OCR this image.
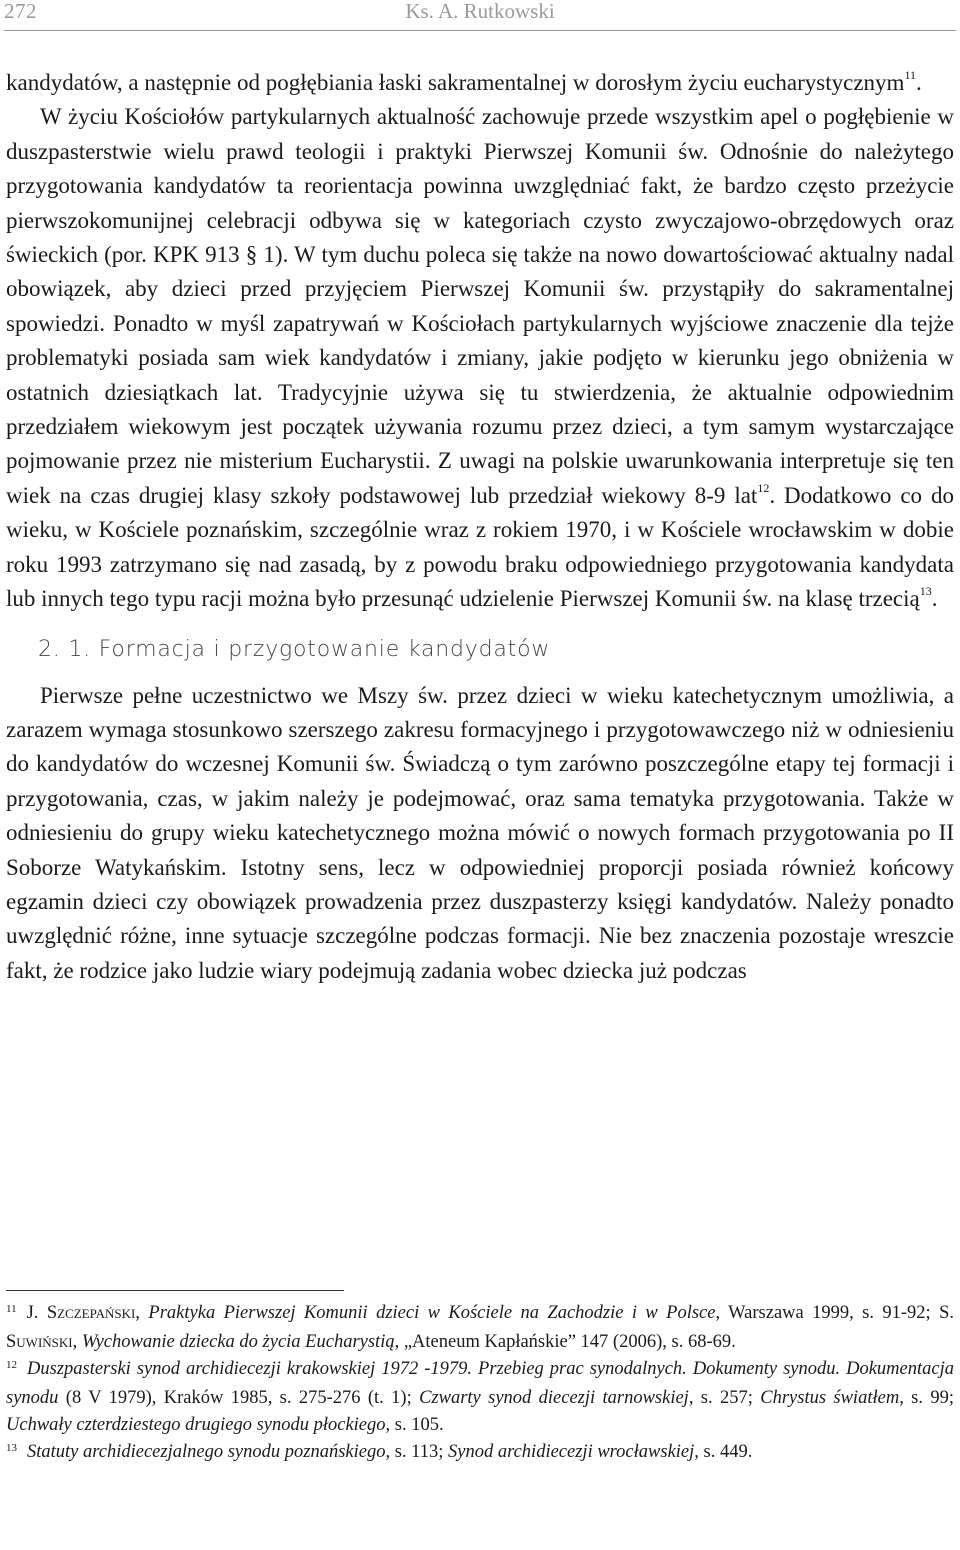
272	Ks. A. Rutkowski

kandydatów, a następnie od pogłębiania łaski sakramentalnej w dorosłym życiu eucharystycznym$^{11}$.

W życiu Kościołów partykularnych aktualność zachowuje przede wszystkim apel o pogłębienie w duszpasterstwie wielu prawd teologii i praktyki Pierwszej Komunii św. Odnośnie do należytego przygotowania kandydatów ta reorientacja powinna uwzględniać fakt, że bardzo często przeżycie pierwszokomunijnej celebracji odbywa się w kategoriach czysto zwyczajowo-obrzędowych oraz świeckich (por. KPK 913 § 1). W tym duchu poleca się także na nowo dowartościować aktualny nadal obowiązek, aby dzieci przed przyjęciem Pierwszej Komunii św. przystąpiły do sakramentalnej spowiedzi. Ponadto w myśl zapatrywań w Kościołach partykularnych wyjściowe znaczenie dla tejże problematyki posiada sam wiek kandydatów i zmiany, jakie podjęto w kierunku jego obniżenia w ostatnich dziesiątkach lat. Tradycyjnie używa się tu stwierdzenia, że aktualnie odpowiednim przedziałem wiekowym jest początek używania rozumu przez dzieci, a tym samym wystarczające pojmowanie przez nie misterium Eucharystii. Z uwagi na polskie uwarunkowania interpretuje się ten wiek na czas drugiej klasy szkoły podstawowej lub przedział wiekowy 8-9 lat$^{12}$. Dodatkowo co do wieku, w Kościele poznańskim, szczególnie wraz z rokiem 1970, i w Kościele wrocławskim w dobie roku 1993 zatrzymano się nad zasadą, by z powodu braku odpowiedniego przygotowania kandydata lub innych tego typu racji można było przesunąć udzielenie Pierwszej Komunii św. na klasę trzecią$^{13}$.

2. 1. Formacja i przygotowanie kandydatów

Pierwsze pełne uczestnictwo we Mszy św. przez dzieci w wieku katechetycznym umożliwia, a zarazem wymaga stosunkowo szerszego zakresu formacyjnego i przygotowawczego niż w odniesieniu do kandydatów do wczesnej Komunii św. Świadczą o tym zarówno poszczególne etapy tej formacji i przygotowania, czas, w jakim należy je podejmować, oraz sama tematyka przygotowania. Także w odniesieniu do grupy wieku katechetycznego można mówić o nowych formach przygotowania po II Soborze Watykańskim. Istotny sens, lecz w odpowiedniej proporcji posiada również końcowy egzamin dzieci czy obowiązek prowadzenia przez duszpasterzy księgi kandydatów. Należy ponadto uwzględnić różne, inne sytuacje szczególne podczas formacji. Nie bez znaczenia pozostaje wreszcie fakt, że rodzice jako ludzie wiary podejmują zadania wobec dziecka już podczas

$^{11}$ J. Szczepański, Praktyka Pierwszej Komunii dzieci w Kościele na Zachodzie i w Polsce, Warszawa 1999, s. 91-92; S. Suwiński, Wychowanie dziecka do życia Eucharystią, „Ateneum Kapłańskie” 147 (2006), s. 68-69.

$^{12}$ Duszpasterski synod archidiecezji krakowskiej 1972 -1979. Przebieg prac synodalnych. Dokumenty synodu. Dokumentacja synodu (8 V 1979), Kraków 1985, s. 275-276 (t. 1); Czwarty synod diecezji tarnowskiej, s. 257; Chrystus światłem, s. 99; Uchwały czterdziestego drugiego synodu płockiego, s. 105.

$^{13}$ Statuty archidiecezjalnego synodu poznańskiego, s. 113; Synod archidiecezji wrocławskiej, s. 449.
